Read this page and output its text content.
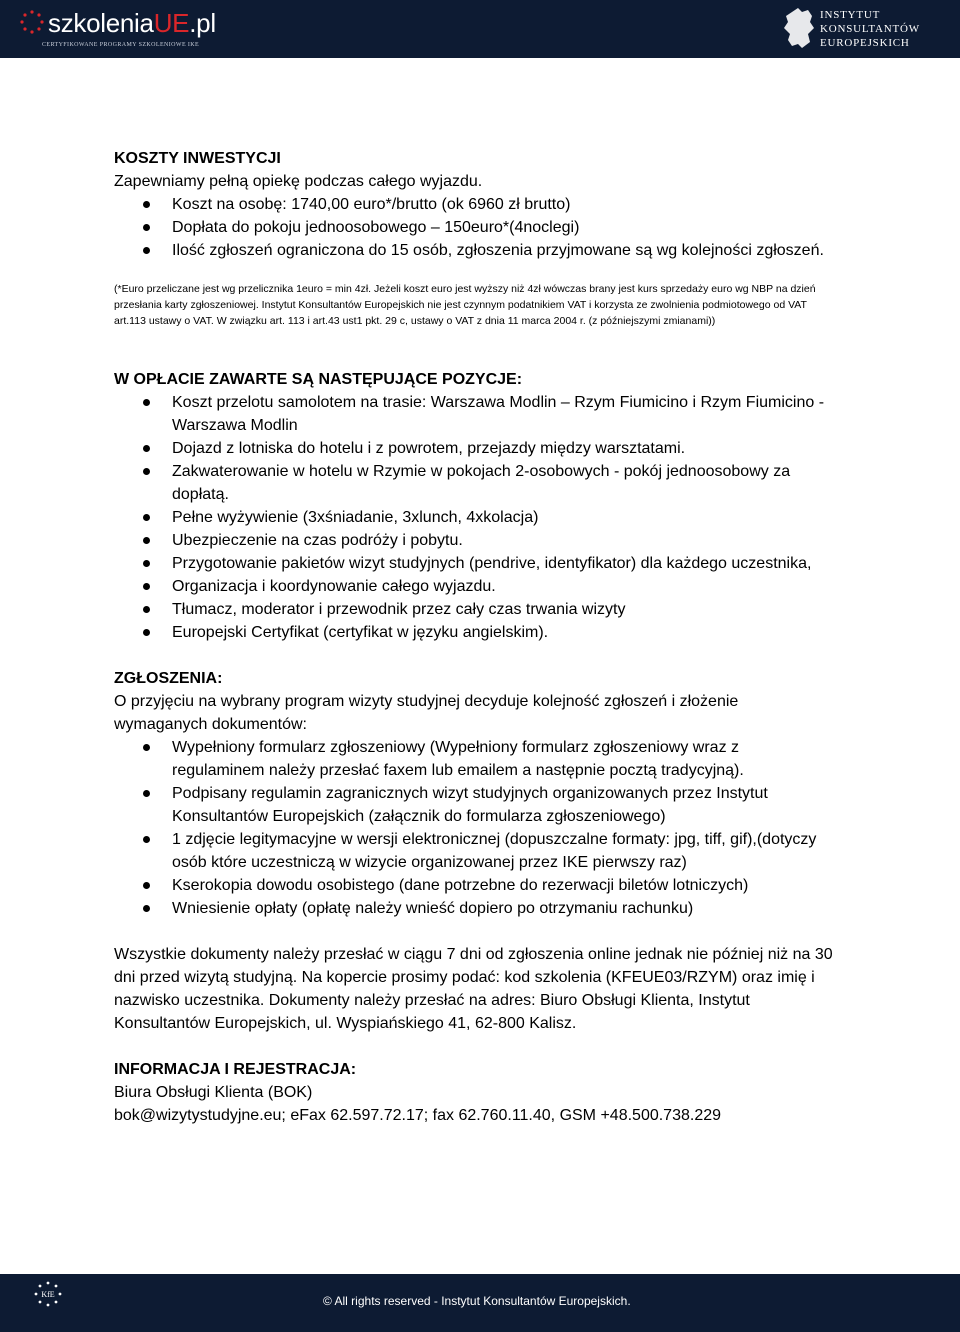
szkoleniaUE.pl
CERTYFIKOWANE PROGRAMY SZKOLENIOWE IKE
INSTYTUT
KONSULTANTÓW
EUROPEJSKICH
KOSZTY INWESTYCJI
Zapewniamy pełną opiekę podczas całego wyjazdu.
Koszt na osobę: 1740,00 euro*/brutto (ok 6960 zł brutto)
Dopłata do pokoju jednoosobowego – 150euro*(4noclegi)
Ilość zgłoszeń ograniczona do 15 osób, zgłoszenia przyjmowane są wg kolejności zgłoszeń.
(*Euro przeliczane jest wg przelicznika 1euro = min 4zł. Jeżeli koszt euro jest wyższy niż 4zł wówczas brany jest kurs sprzedaży euro wg NBP na dzień przesłania karty zgłoszeniowej. Instytut Konsultantów Europejskich nie jest czynnym podatnikiem VAT i korzysta ze zwolnienia podmiotowego od VAT art.113 ustawy o VAT. W związku art. 113 i art.43 ust1 pkt. 29 c, ustawy o VAT z dnia 11 marca 2004 r. (z późniejszymi zmianami))
W OPŁACIE ZAWARTE SĄ NASTĘPUJĄCE POZYCJE:
Koszt przelotu samolotem na trasie: Warszawa Modlin – Rzym Fiumicino i Rzym Fiumicino - Warszawa Modlin
Dojazd z lotniska do hotelu i z powrotem, przejazdy między warsztatami.
Zakwaterowanie w hotelu w Rzymie w pokojach 2-osobowych - pokój jednoosobowy za dopłatą.
Pełne wyżywienie (3xśniadanie, 3xlunch, 4xkolacja)
Ubezpieczenie na czas podróży i pobytu.
Przygotowanie pakietów wizyt studyjnych (pendrive, identyfikator) dla każdego uczestnika,
Organizacja i koordynowanie całego wyjazdu.
Tłumacz, moderator i przewodnik przez cały czas trwania wizyty
Europejski Certyfikat (certyfikat w języku angielskim).
ZGŁOSZENIA:
O przyjęciu na wybrany program wizyty studyjnej decyduje kolejność zgłoszeń i złożenie wymaganych dokumentów:
Wypełniony formularz zgłoszeniowy (Wypełniony formularz zgłoszeniowy wraz z regulaminem należy przesłać faxem lub emailem a następnie pocztą tradycyjną).
Podpisany regulamin zagranicznych wizyt studyjnych organizowanych przez Instytut Konsultantów Europejskich (załącznik do formularza zgłoszeniowego)
1 zdjęcie legitymacyjne w wersji elektronicznej (dopuszczalne formaty: jpg, tiff, gif),(dotyczy osób które uczestniczą w wizycie organizowanej przez IKE pierwszy raz)
Kserokopia dowodu osobistego (dane potrzebne do rezerwacji biletów lotniczych)
Wniesienie opłaty (opłatę należy wnieść dopiero po otrzymaniu rachunku)
Wszystkie dokumenty należy przesłać w ciągu 7 dni od zgłoszenia online jednak nie później niż na 30 dni przed wizytą studyjną. Na kopercie prosimy podać: kod szkolenia (KFEUE03/RZYM) oraz imię i nazwisko uczestnika. Dokumenty należy przesłać na adres: Biuro Obsługi Klienta, Instytut Konsultantów Europejskich, ul. Wyspiańskiego 41, 62-800 Kalisz.
INFORMACJA I REJESTRACJA:
Biura Obsługi Klienta (BOK)
bok@wizytystudyjne.eu; eFax 62.597.72.17; fax 62.760.11.40, GSM +48.500.738.229
KfE	© All rights reserved - Instytut Konsultantów Europejskich.
